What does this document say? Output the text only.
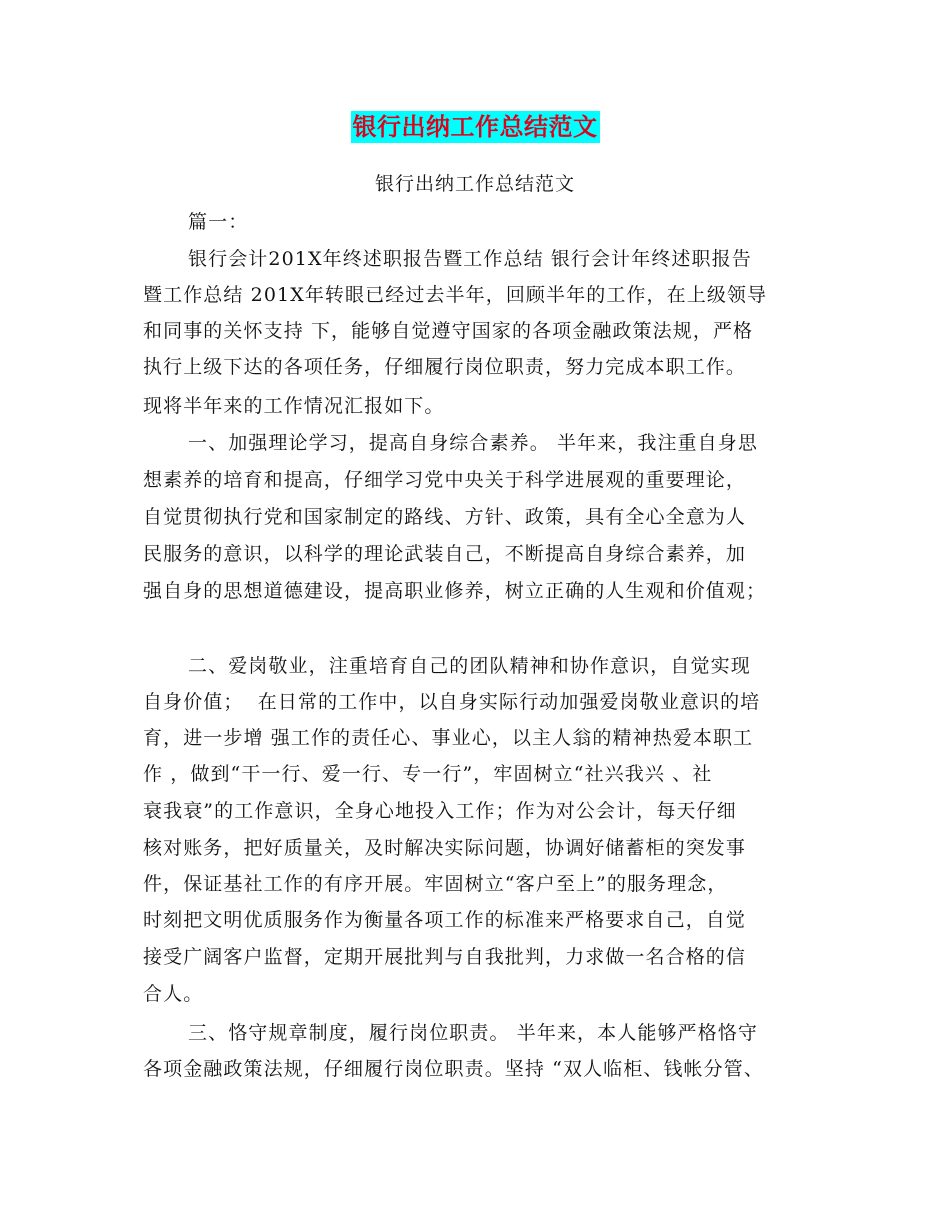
银行出纳工作总结范文
银行出纳工作总结范文
篇一：
银行会计201X年终述职报告暨工作总结 银行会计年终述职报告
暨工作总结 201X年转眼已经过去半年，回顾半年的工作，在上级领导
和同事的关怀支持 下，能够自觉遵守国家的各项金融政策法规，严格
执行上级下达的各项任务，仔细履行岗位职责，努力完成本职工作。
现将半年来的工作情况汇报如下。
一、加强理论学习，提高自身综合素养。 半年来，我注重自身思
想素养的培育和提高，仔细学习党中央关于科学进展观的重要理论，
自觉贯彻执行党和国家制定的路线、方针、政策，具有全心全意为人
民服务的意识，以科学的理论武装自己，不断提高自身综合素养，加
强自身的思想道德建设，提高职业修养，树立正确的人生观和价值观；
二、爱岗敬业，注重培育自己的团队精神和协作意识，自觉实现
自身价值；  在日常的工作中，以自身实际行动加强爱岗敬业意识的培
育，进一步增 强工作的责任心、事业心，以主人翁的精神热爱本职工
作 ，做到“干一行、爱一行、专一行”，牢固树立“社兴我兴 、社
衰我衰”的工作意识，全身心地投入工作；作为对公会计，每天仔细
核对账务，把好质量关，及时解决实际问题，协调好储蓄柜的突发事
件，保证基社工作的有序开展。牢固树立“客户至上”的服务理念，
时刻把文明优质服务作为衡量各项工作的标准来严格要求自己，自觉
接受广阔客户监督，定期开展批判与自我批判，力求做一名合格的信
合人。
三、恪守规章制度，履行岗位职责。 半年来，本人能够严格恪守
各项金融政策法规，仔细履行岗位职责。坚持 “双人临柜、钱帐分管、
